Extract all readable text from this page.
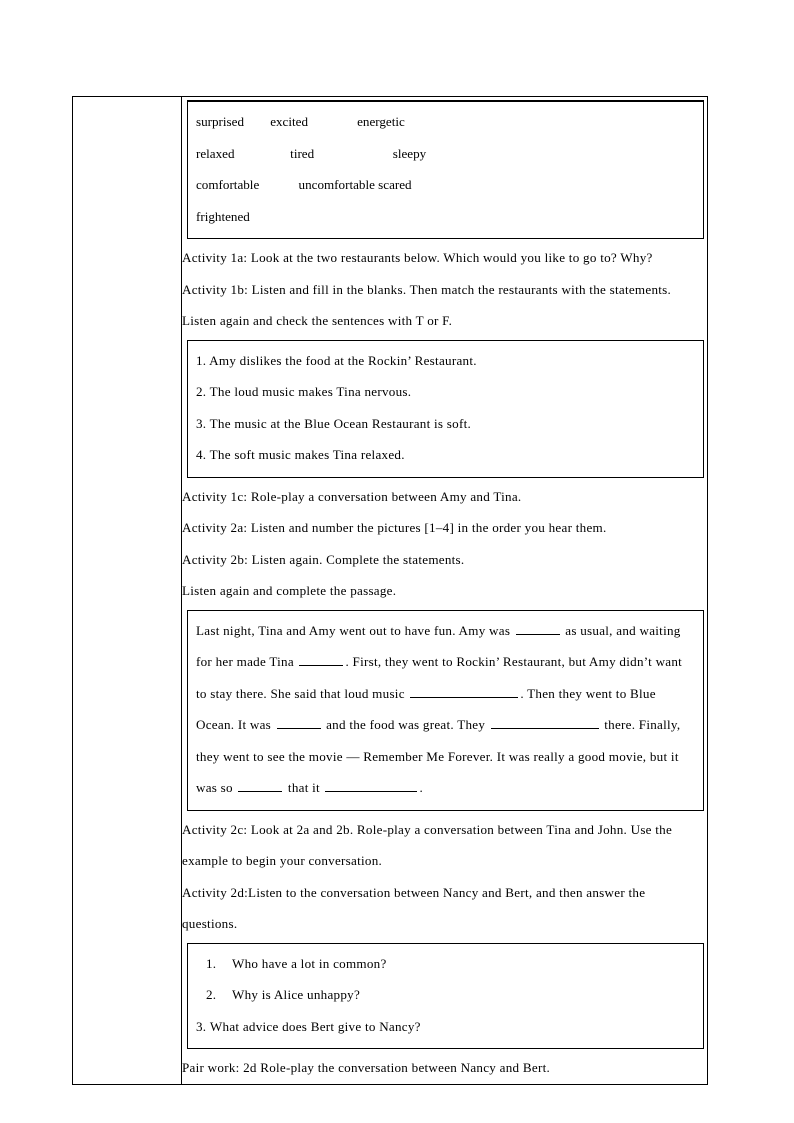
surprised        excited               energetic
relaxed                 tired                        sleepy
comfortable            uncomfortable scared
frightened
Activity 1a: Look at the two restaurants below. Which would you like to go to? Why?
Activity 1b: Listen and fill in the blanks. Then match the restaurants with the statements.
Listen again and check the sentences with T or F.
1. Amy dislikes the food at the Rockin’ Restaurant.
2. The loud music makes Tina nervous.
3. The music at the Blue Ocean Restaurant is soft.
4. The soft music makes Tina relaxed.
Activity 1c: Role-play a conversation between Amy and Tina.
Activity 2a: Listen and number the pictures [1–4] in the order you hear them.
Activity 2b: Listen again. Complete the statements.
Listen again and complete the passage.
Last night, Tina and Amy went out to have fun. Amy was	as usual, and waiting
for her made Tina	. First, they went to Rockin’ Restaurant, but Amy didn’t want
to stay there. She said that loud music	. Then they went to Blue
Ocean. It was	and the food was great. They	there. Finally,
they went to see the movie — Remember Me Forever. It was really a good movie, but it
was so	that it	.
Activity 2c: Look at 2a and 2b. Role-play a conversation between Tina and John. Use the
example to begin your conversation.
Activity 2d:Listen to the conversation between Nancy and Bert, and then answer the
questions.
1. Who have a lot in common?
2. Why is Alice unhappy?
3. What advice does Bert give to Nancy?
Pair work: 2d Role-play the conversation between Nancy and Bert.
